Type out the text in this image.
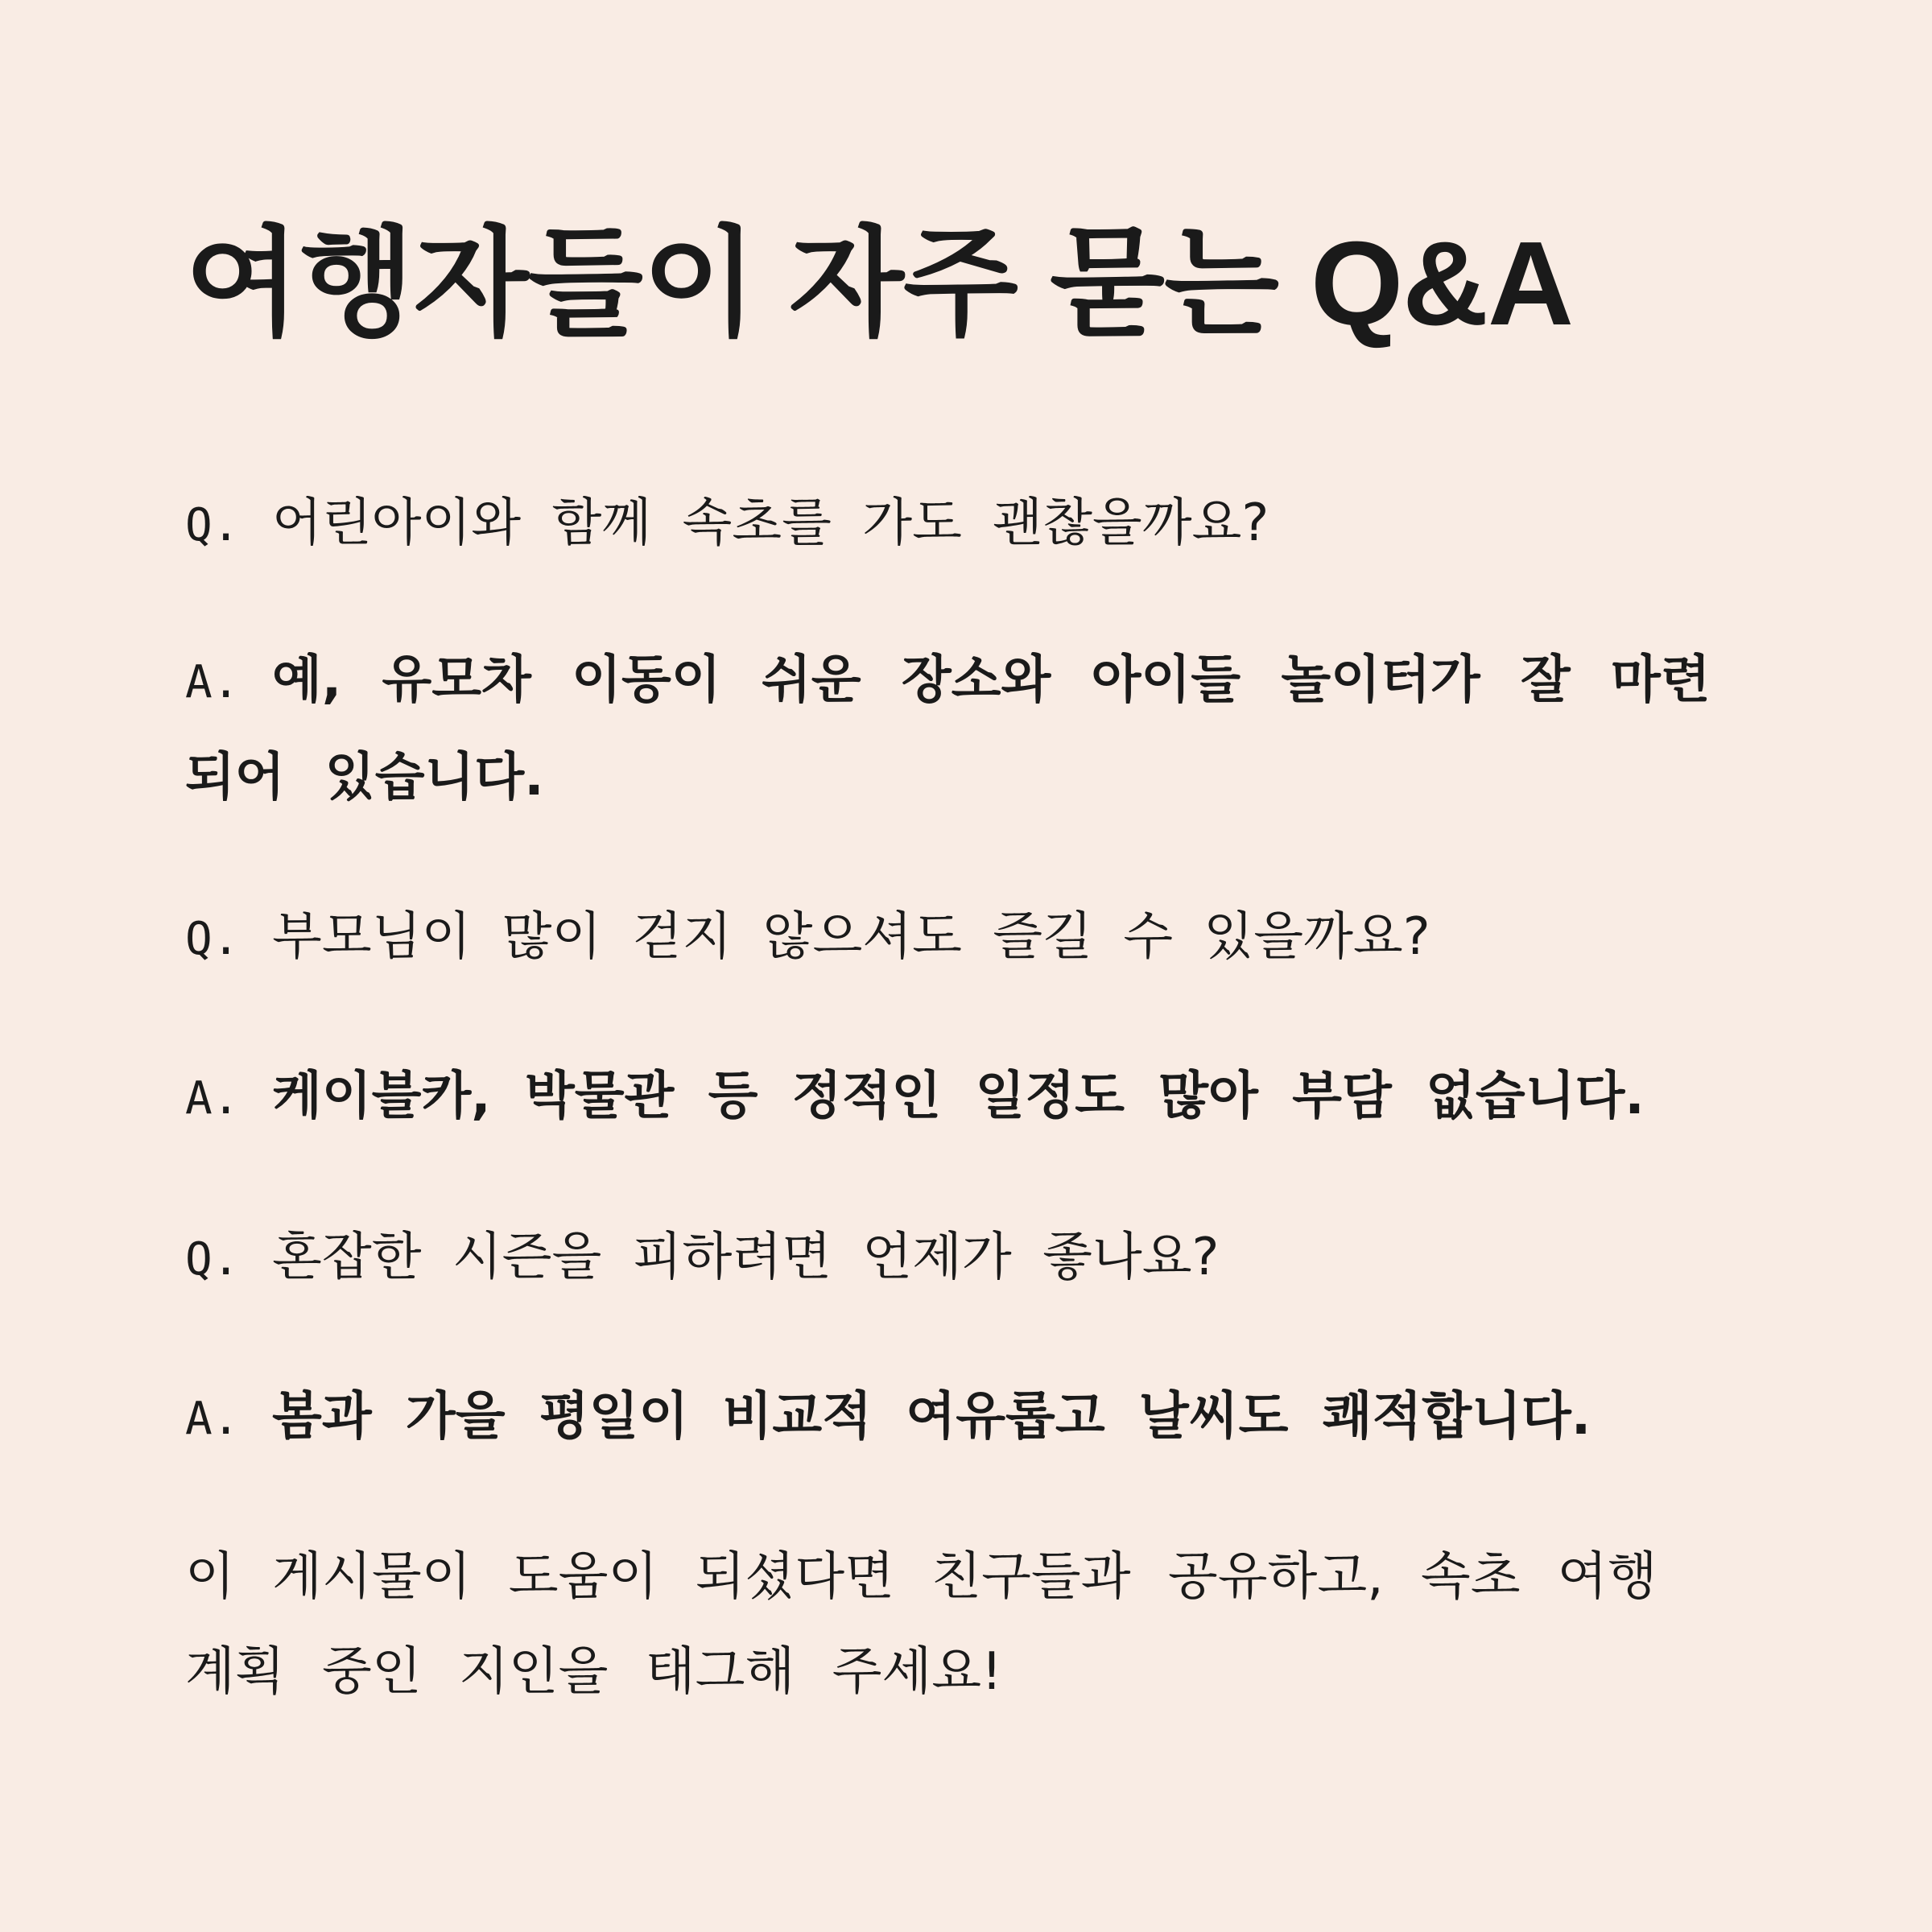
여행자들이 자주 묻는 Q&A

Q. 어린아이와 함께 속초를 가도 괜찮을까요?

A. 예, 유모차 이동이 쉬운 장소와 아이들 놀이터가 잘 마련 되어 있습니다.

Q. 부모님이 많이 걷지 않으셔도 즐길 수 있을까요?

A. 케이블카, 박물관 등 정적인 일정도 많아 부담 없습니다.

Q. 혼잡한 시즌을 피하려면 언제가 좋나요?

A. 봄과 가을 평일이 비교적 여유롭고 날씨도 쾌적합니다.

이 게시물이 도움이 되셨다면 친구들과 공유하고, 속초 여행 계획 중인 지인을 태그해 주세요!
